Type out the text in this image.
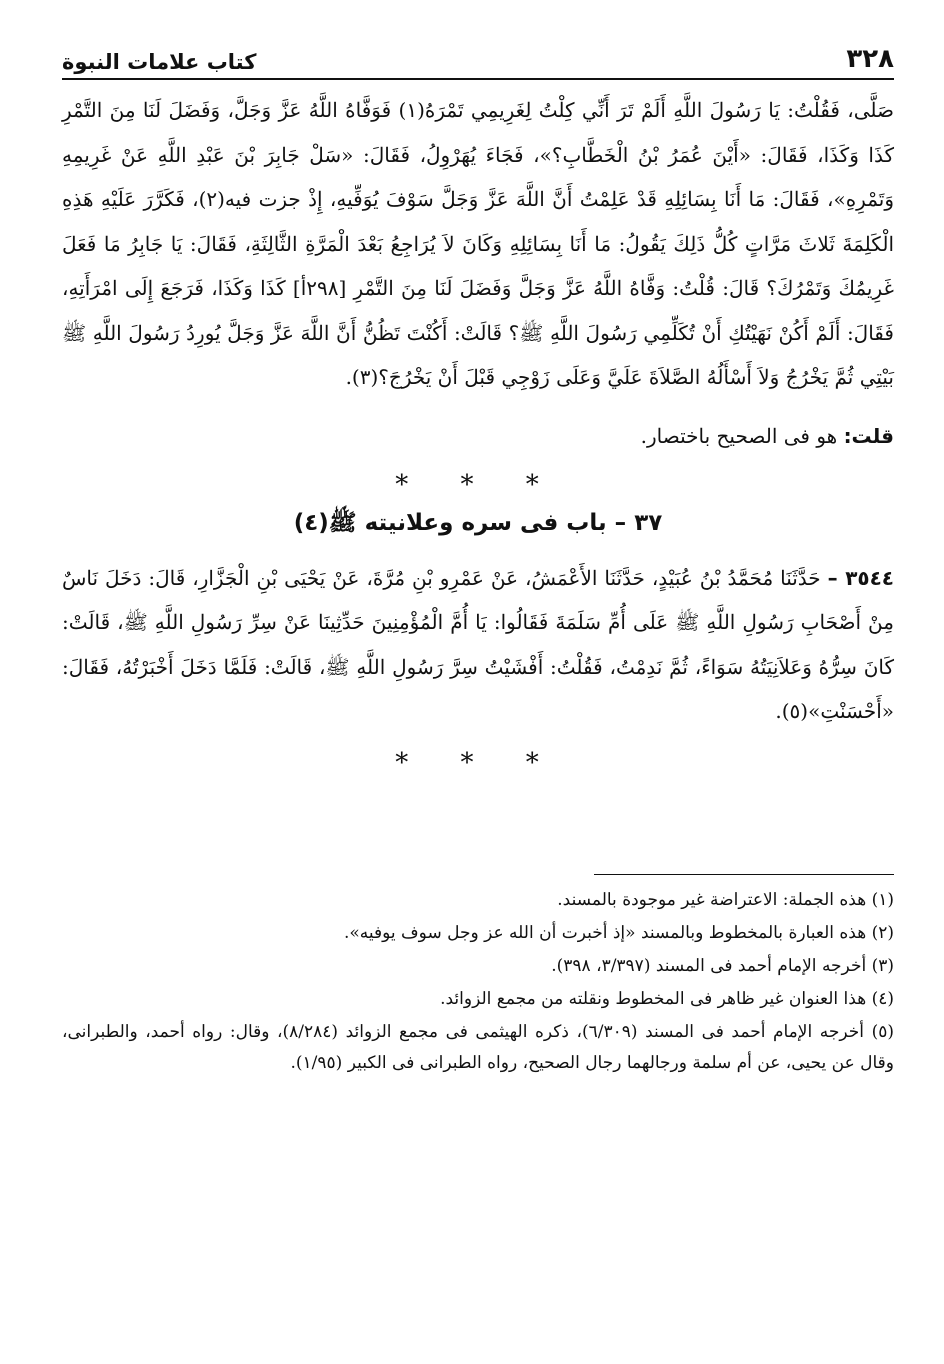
٣٢٨
كتاب علامات النبوة

صَلَّى، فَقُلْتُ: يَا رَسُولَ اللَّهِ أَلَمْ تَرَ أَنِّي كِلْتُ لِغَرِيمِي تَمْرَهُ(١) فَوَفَّاهُ اللَّهُ عَزَّ وَجَلَّ، وَفَضَلَ لَنَا مِنَ التَّمْرِ كَذَا وَكَذَا، فَقَالَ: «أَيْنَ عُمَرُ بْنُ الْخَطَّابِ؟»، فَجَاءَ يُهَرْوِلُ، فَقَالَ: «سَلْ جَابِرَ بْنَ عَبْدِ اللَّهِ عَنْ غَرِيمِهِ وَتَمْرِهِ»، فَقَالَ: مَا أَنَا بِسَائِلِهِ قَدْ عَلِمْتُ أَنَّ اللَّهَ عَزَّ وَجَلَّ سَوْفَ يُوَفِّيهِ، إِذْ جزت فيه(٢)، فَكَرَّرَ عَلَيْهِ هَذِهِ الْكَلِمَةَ ثَلاثَ مَرَّاتٍ كُلُّ ذَلِكَ يَقُولُ: مَا أَنَا بِسَائِلِهِ وَكَانَ لاَ يُرَاجِعُ بَعْدَ الْمَرَّةِ الثَّالِثَةِ، فَقَالَ: يَا جَابِرُ مَا فَعَلَ غَرِيمُكَ وَتَمْرُكَ؟ قَالَ: قُلْتُ: وَفَّاهُ اللَّهُ عَزَّ وَجَلَّ وَفَضَلَ لَنَا مِنَ التَّمْرِ [٢٩٨أ] كَذَا وَكَذَا، فَرَجَعَ إِلَى امْرَأَتِهِ، فَقَالَ: أَلَمْ أَكُنْ نَهَيْتُكِ أَنْ تُكَلِّمِي رَسُولَ اللَّهِ ﷺ؟ قَالَتْ: أَكُنْتَ تَظُنُّ أَنَّ اللَّهَ عَزَّ وَجَلَّ يُورِدُ رَسُولَ اللَّهِ ﷺ بَيْتِي ثُمَّ يَخْرُجُ وَلاَ أَسْأَلُهُ الصَّلاَةَ عَلَيَّ وَعَلَى زَوْجِي قَبْلَ أَنْ يَخْرُجَ؟(٣).

قلت: هو فى الصحيح باختصار.
* * *
٣٧ – باب فى سره وعلانيته ﷺ(٤)

٣٥٤٤ – حَدَّثَنَا مُحَمَّدُ بْنُ عُبَيْدٍ، حَدَّثَنَا الأَعْمَشُ، عَنْ عَمْرِو بْنِ مُرَّةَ، عَنْ يَحْيَى بْنِ الْجَزَّارِ، قَالَ: دَخَلَ نَاسٌ مِنْ أَصْحَابِ رَسُولِ اللَّهِ ﷺ عَلَى أُمِّ سَلَمَةَ فَقَالُوا: يَا أُمَّ الْمُؤْمِنِينَ حَدِّثِينَا عَنْ سِرِّ رَسُولِ اللَّهِ ﷺ، قَالَتْ: كَانَ سِرُّهُ وَعَلاَنِيَتُهُ سَوَاءً، ثُمَّ نَدِمْتُ، فَقُلْتُ: أَفْشَيْتُ سِرَّ رَسُولِ اللَّهِ ﷺ، قَالَتْ: فَلَمَّا دَخَلَ أَخْبَرْتُهُ، فَقَالَ: «أَحْسَنْتِ»(٥).

* * *

(١) هذه الجملة: الاعتراضة غير موجودة بالمسند.

(٢) هذه العبارة بالمخطوط وبالمسند «إذ أخبرت أن الله عز وجل سوف يوفيه».

(٣) أخرجه الإمام أحمد فى المسند (٣/٣٩٧، ٣٩٨).

(٤) هذا العنوان غير ظاهر فى المخطوط ونقلته من مجمع الزوائد.

(٥) أخرجه الإمام أحمد فى المسند (٦/٣٠٩)، ذكره الهيثمى فى مجمع الزوائد (٨/٢٨٤)، وقال: رواه أحمد، والطبرانى، وقال عن يحيى، عن أم سلمة ورجالهما رجال الصحيح، رواه الطبرانى فى الكبير (١/٩٥).
